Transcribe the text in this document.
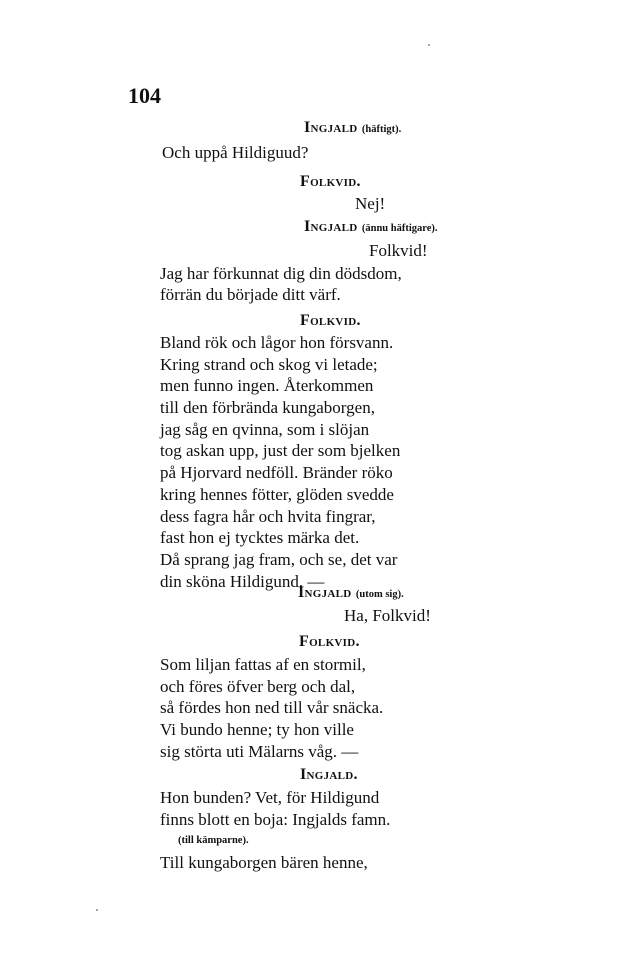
104
Ingjald (häftigt).
Och uppå Hildiguud?
Folkvid.
Nej!
Ingjald (ännu häftigare).
Folkvid!
Jag har förkunnat dig din dödsdom,
förrän du började ditt värf.
Folkvid.
Bland rök och lågor hon försvann.
Kring strand och skog vi letade;
men funno ingen. Återkommen
till den förbrända kungaborgen,
jag såg en qvinna, som i slöjan
tog askan upp, just der som bjelken
på Hjorvard nedföll. Bränder röko
kring hennes fötter, glöden svedde
dess fagra hår och hvita fingrar,
fast hon ej tycktes märka det.
Då sprang jag fram, och se, det var
din sköna Hildigund. —
Ingjald (utom sig).
Ha, Folkvid!
Folkvid.
Som liljan fattas af en stormil,
och föres öfver berg och dal,
så fördes hon ned till vår snäcka.
Vi bundo henne; ty hon ville
sig störta uti Mälarns våg. —
Ingjald.
Hon bunden? Vet, för Hildigund
finns blott en boja: Ingjalds famn.
(till kämparne).
Till kungaborgen bären henne,
